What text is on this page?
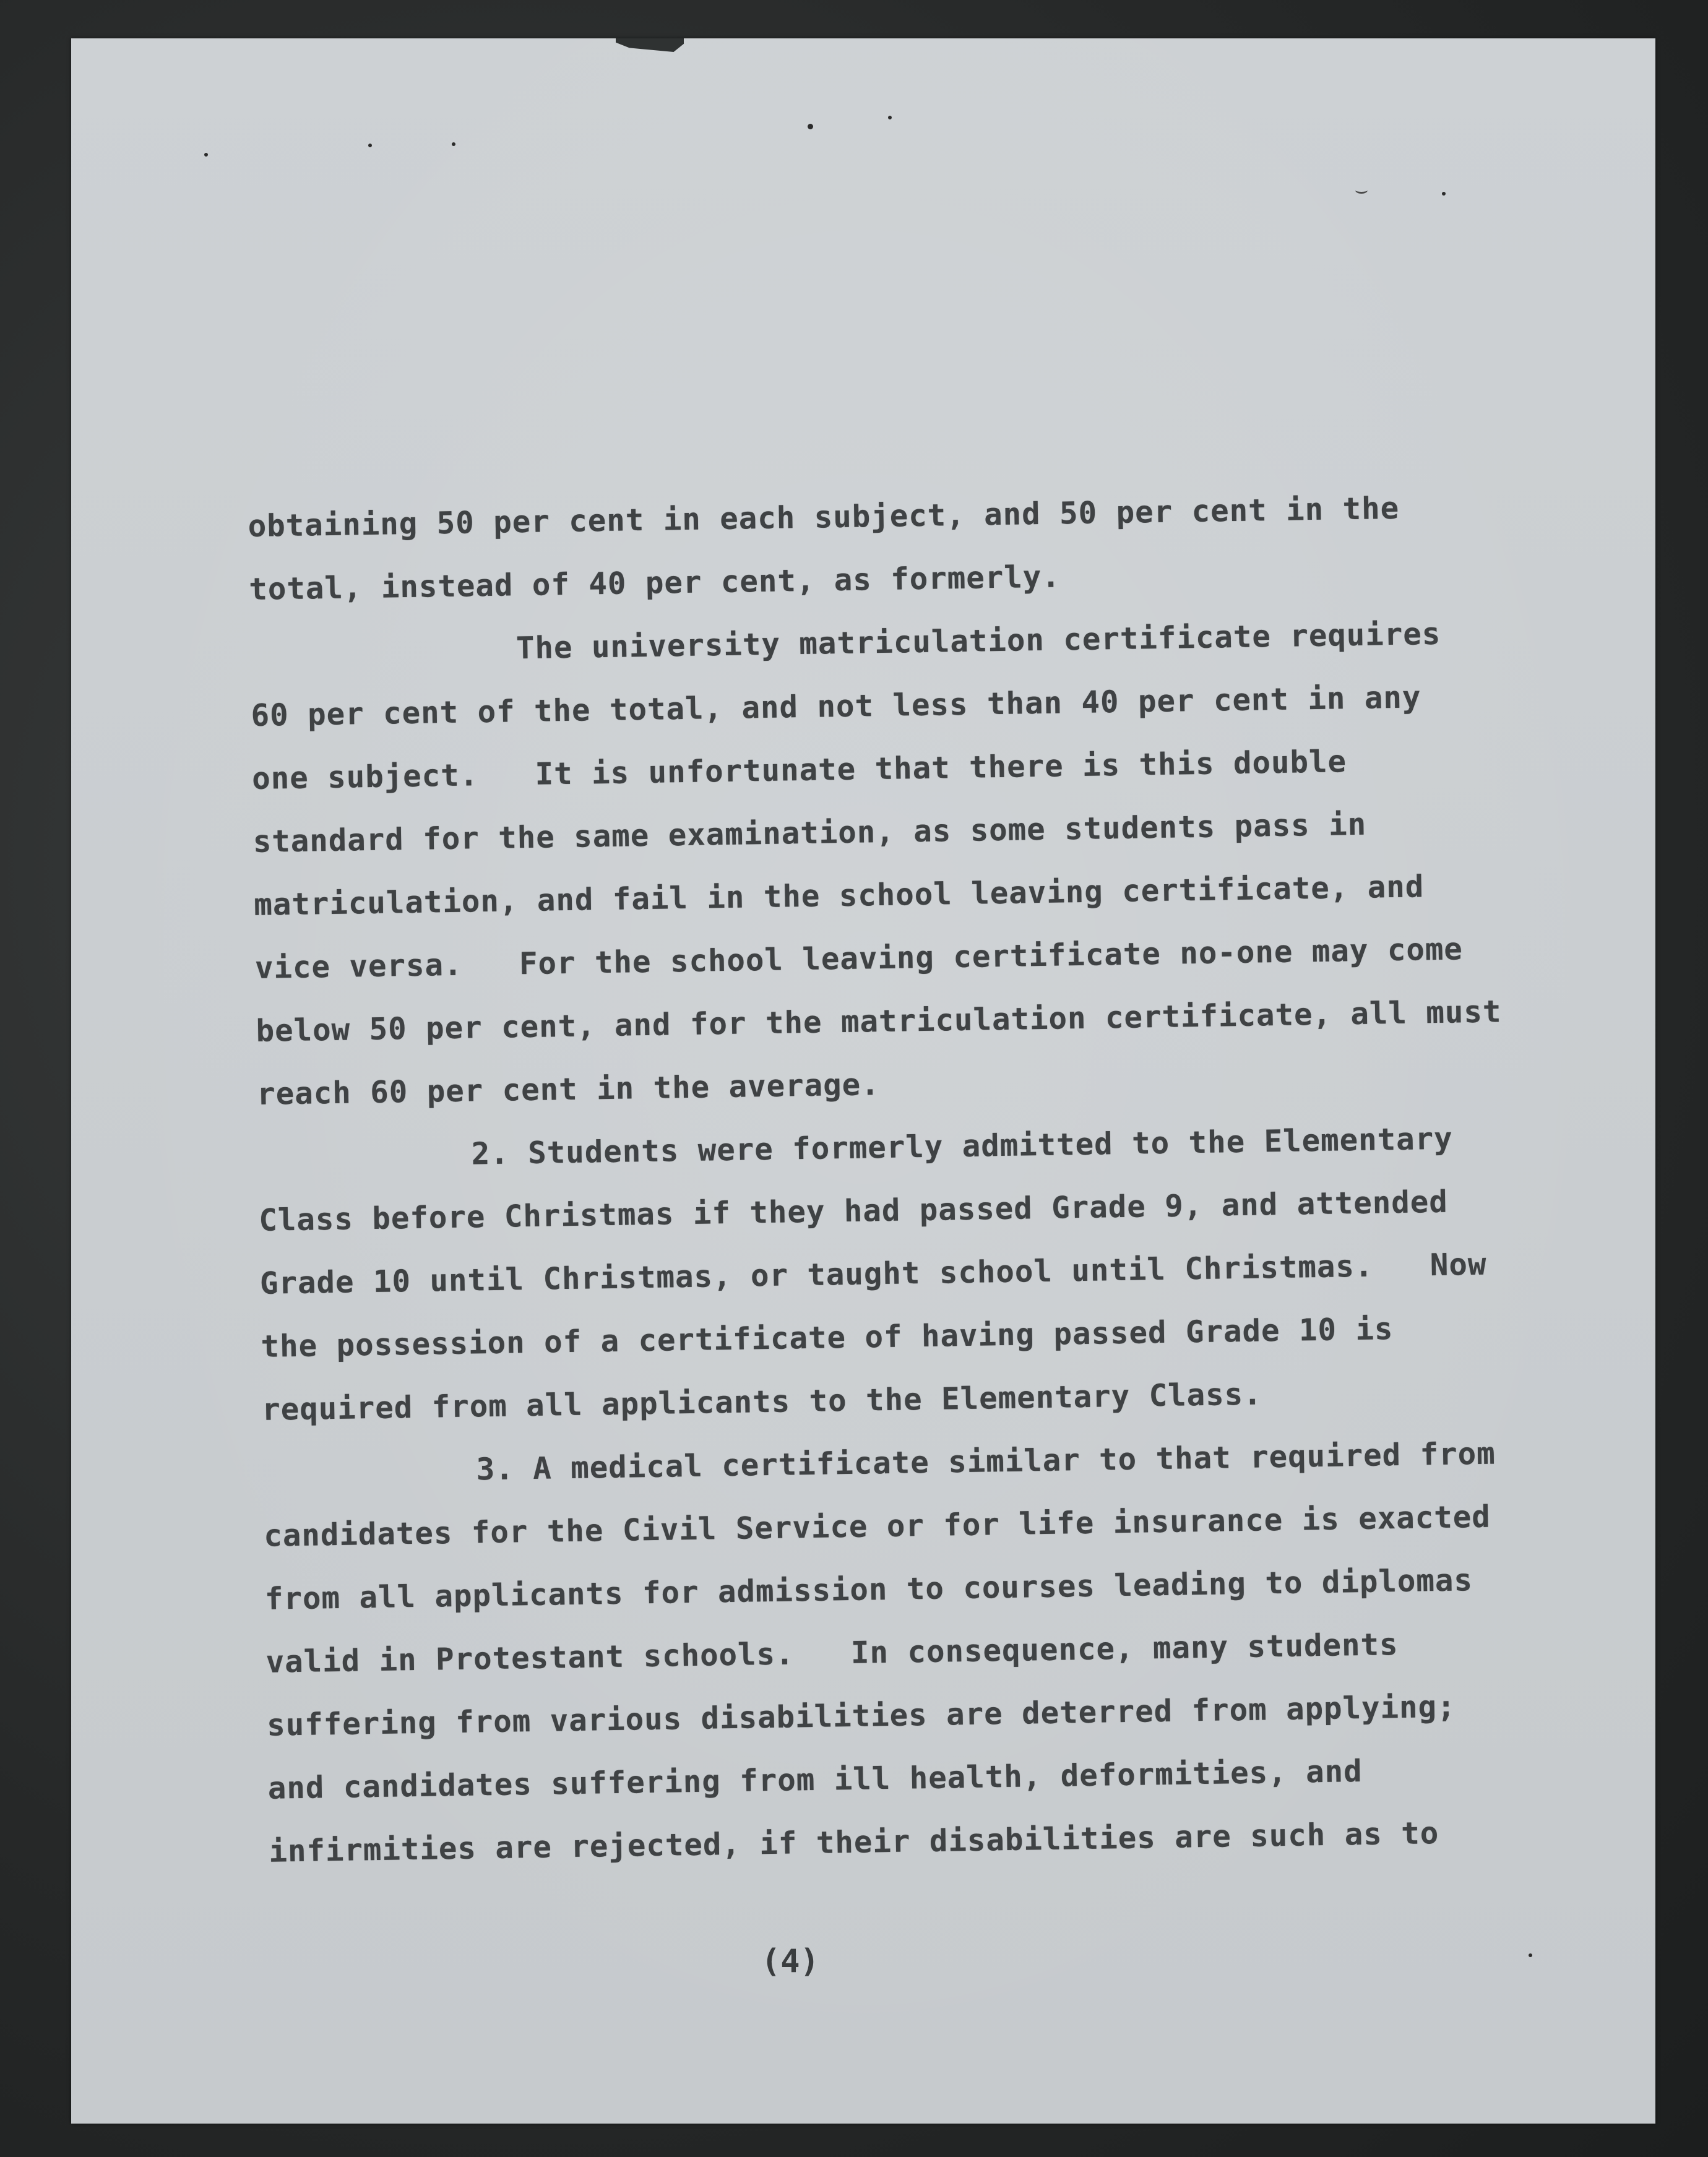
obtaining 50 per cent in each subject, and 50 per cent in the
total, instead of 40 per cent, as formerly.
The university matriculation certificate requires
60 per cent of the total, and not less than 40 per cent in any
one subject.   It is unfortunate that there is this double
standard for the same examination, as some students pass in
matriculation, and fail in the school leaving certificate, and
vice versa.   For the school leaving certificate no-one may come
below 50 per cent, and for the matriculation certificate, all must
reach 60 per cent in the average.
2. Students were formerly admitted to the Elementary
Class before Christmas if they had passed Grade 9, and attended
Grade 10 until Christmas, or taught school until Christmas.   Now
the possession of a certificate of having passed Grade 10 is
required from all applicants to the Elementary Class.
3. A medical certificate similar to that required from
candidates for the Civil Service or for life insurance is exacted
from all applicants for admission to courses leading to diplomas
valid in Protestant schools.   In consequence, many students
suffering from various disabilities are deterred from applying;
and candidates suffering from ill health, deformities, and
infirmities are rejected, if their disabilities are such as to
(4)
